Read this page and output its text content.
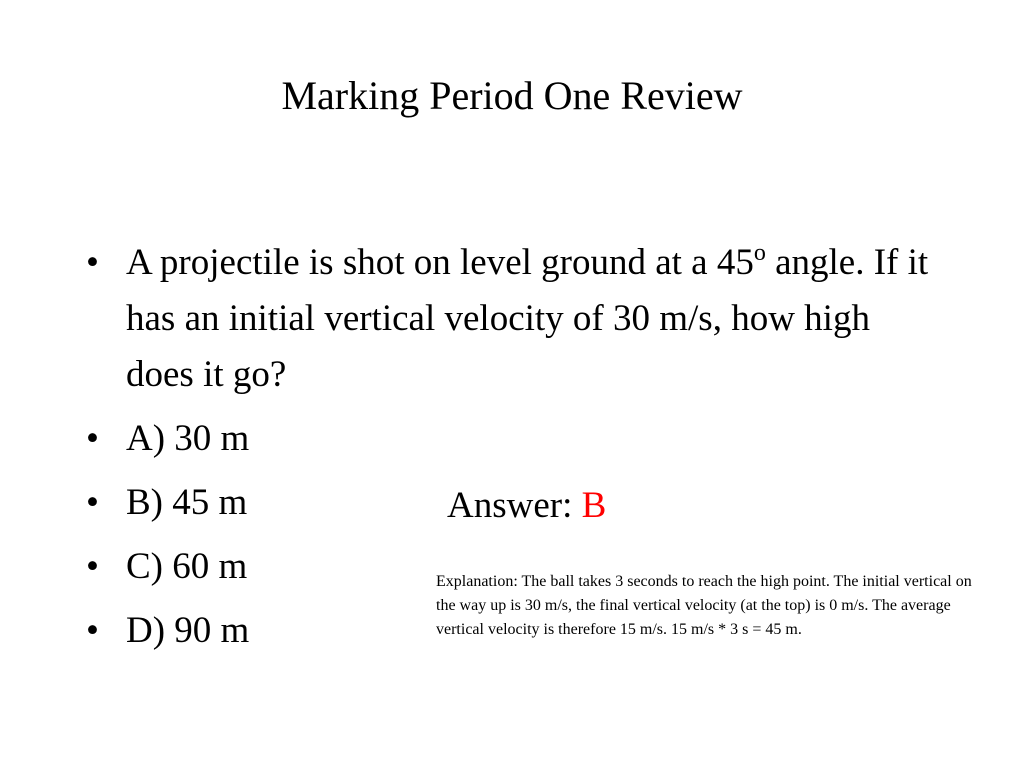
Marking Period One Review
• A projectile is shot on level ground at a 45$^o$ angle. If it has an initial vertical velocity of 30 m/s, how high does it go?
• A) 30 m
• B) 45 m
• C) 60 m
• D) 90 m
Answer: B
Explanation: The ball takes 3 seconds to reach the high point. The initial vertical on the way up is 30 m/s, the final vertical velocity (at the top) is 0 m/s. The average vertical velocity is therefore 15 m/s. 15 m/s * 3 s = 45 m.
